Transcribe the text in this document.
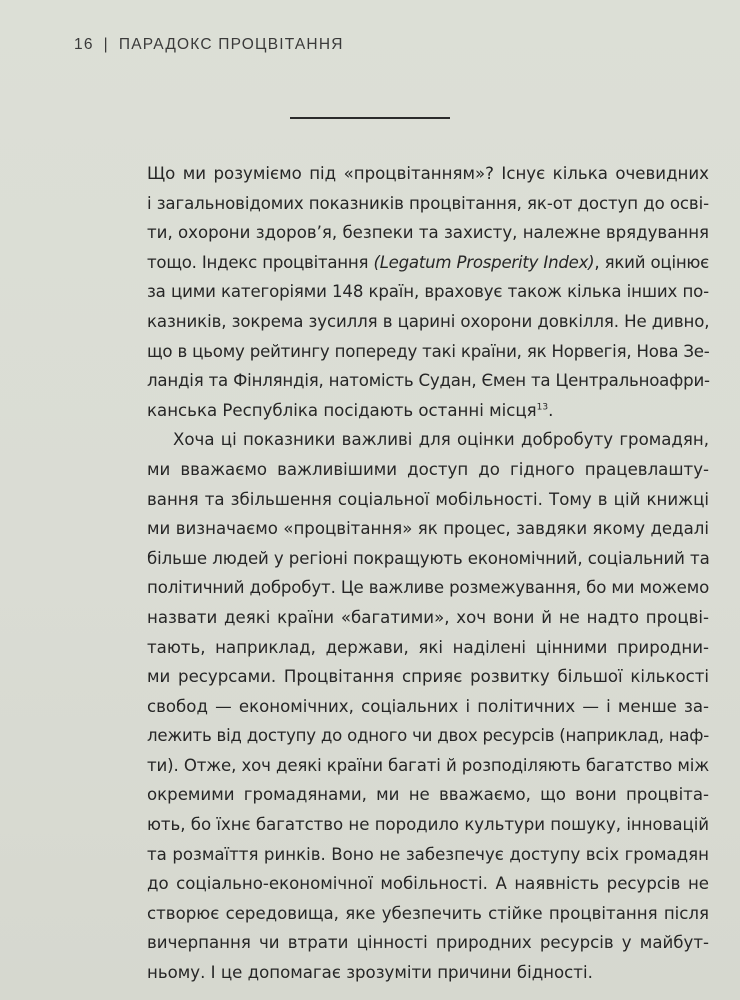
16 | ПАРАДОКС ПРОЦВІТАННЯ
Що ми розуміємо під «процвітанням»? Існує кілька очевидних
і загальновідомих показників процвітання, як-от доступ до осві-
ти, охорони здоров’я, безпеки та захисту, належне врядування
тощо. Індекс процвітання (Legatum Prosperity Index), який оцінює
за цими категоріями 148 країн, враховує також кілька інших по-
казників, зокрема зусилля в царині охорони довкілля. Не дивно,
що в цьому рейтингу попереду такі країни, як Норвегія, Нова Зе-
ландія та Фінляндія, натомість Судан, Ємен та Центральноафри-
канська Республіка посідають останні місця$^{13}$.
Хоча ці показники важливі для оцінки добробуту громадян,
ми вважаємо важливішими доступ до гідного працевлашту-
вання та збільшення соціальної мобільності. Тому в цій книжці
ми визначаємо «процвітання» як процес, завдяки якому дедалі
більше людей у регіоні покращують економічний, соціальний та
політичний добробут. Це важливе розмежування, бо ми можемо
назвати деякі країни «багатими», хоч вони й не надто процві-
тають, наприклад, держави, які наділені цінними природни-
ми ресурсами. Процвітання сприяє розвитку більшої кількості
свобод — економічних, соціальних і політичних — і менше за-
лежить від доступу до одного чи двох ресурсів (наприклад, наф-
ти). Отже, хоч деякі країни багаті й розподіляють багатство між
окремими громадянами, ми не вважаємо, що вони процвіта-
ють, бо їхнє багатство не породило культури пошуку, інновацій
та розмаїття ринків. Воно не забезпечує доступу всіх громадян
до соціально-економічної мобільності. А наявність ресурсів не
створює середовища, яке убезпечить стійке процвітання після
вичерпання чи втрати цінності природних ресурсів у майбут-
ньому. І це допомагає зрозуміти причини бідності.
